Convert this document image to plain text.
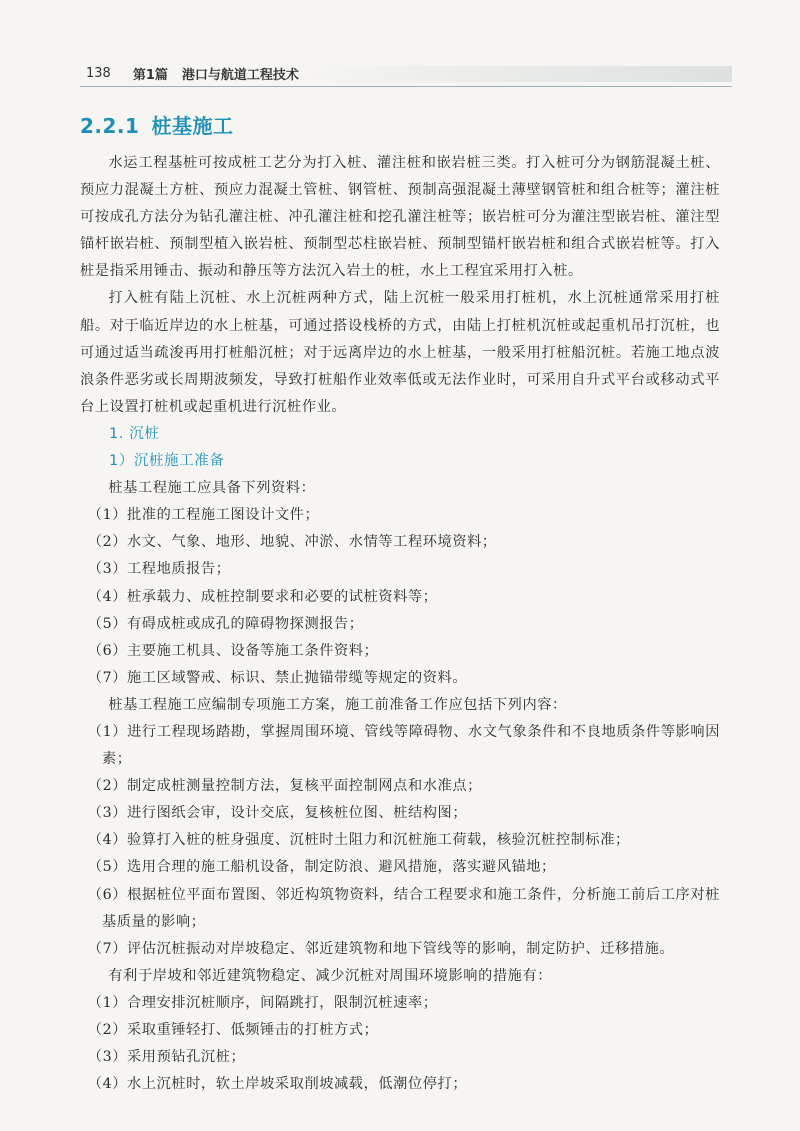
138 第1篇 港口与航道工程技术
2.2.1 桩基施工

水运工程基桩可按成桩工艺分为打入桩、灌注桩和嵌岩桩三类。打入桩可分为钢筋混凝土桩、预应力混凝土方桩、预应力混凝土管桩、钢管桩、预制高强混凝土薄壁钢管桩和组合桩等；灌注桩可按成孔方法分为钻孔灌注桩、冲孔灌注桩和挖孔灌注桩等；嵌岩桩可分为灌注型嵌岩桩、灌注型锚杆嵌岩桩、预制型植入嵌岩桩、预制型芯柱嵌岩桩、预制型锚杆嵌岩桩和组合式嵌岩桩等。打入桩是指采用锤击、振动和静压等方法沉入岩土的桩，水上工程宜采用打入桩。

打入桩有陆上沉桩、水上沉桩两种方式，陆上沉桩一般采用打桩机，水上沉桩通常采用打桩船。对于临近岸边的水上桩基，可通过搭设栈桥的方式，由陆上打桩机沉桩或起重机吊打沉桩，也可通过适当疏浚再用打桩船沉桩；对于远离岸边的水上桩基，一般采用打桩船沉桩。若施工地点波浪条件恶劣或长周期波频发，导致打桩船作业效率低或无法作业时，可采用自升式平台或移动式平台上设置打桩机或起重机进行沉桩作业。

1. 沉桩

1）沉桩施工准备

桩基工程施工应具备下列资料：

（1）批准的工程施工图设计文件；

（2）水文、气象、地形、地貌、冲淤、水情等工程环境资料；

（3）工程地质报告；

（4）桩承载力、成桩控制要求和必要的试桩资料等；

（5）有碍成桩或成孔的障碍物探测报告；

（6）主要施工机具、设备等施工条件资料；

（7）施工区域警戒、标识、禁止抛锚带缆等规定的资料。

桩基工程施工应编制专项施工方案，施工前准备工作应包括下列内容：

（1）进行工程现场踏勘，掌握周围环境、管线等障碍物、水文气象条件和不良地质条件等影响因素；

（2）制定成桩测量控制方法，复核平面控制网点和水准点；

（3）进行图纸会审，设计交底，复核桩位图、桩结构图；

（4）验算打入桩的桩身强度、沉桩时土阻力和沉桩施工荷载，核验沉桩控制标准；

（5）选用合理的施工船机设备，制定防浪、避风措施，落实避风锚地；

（6）根据桩位平面布置图、邻近构筑物资料，结合工程要求和施工条件，分析施工前后工序对桩基质量的影响；

（7）评估沉桩振动对岸坡稳定、邻近建筑物和地下管线等的影响，制定防护、迁移措施。

有利于岸坡和邻近建筑物稳定、减少沉桩对周围环境影响的措施有：

（1）合理安排沉桩顺序，间隔跳打，限制沉桩速率；

（2）采取重锤轻打、低频锤击的打桩方式；

（3）采用预钻孔沉桩；

（4）水上沉桩时，软土岸坡采取削坡减载，低潮位停打；
